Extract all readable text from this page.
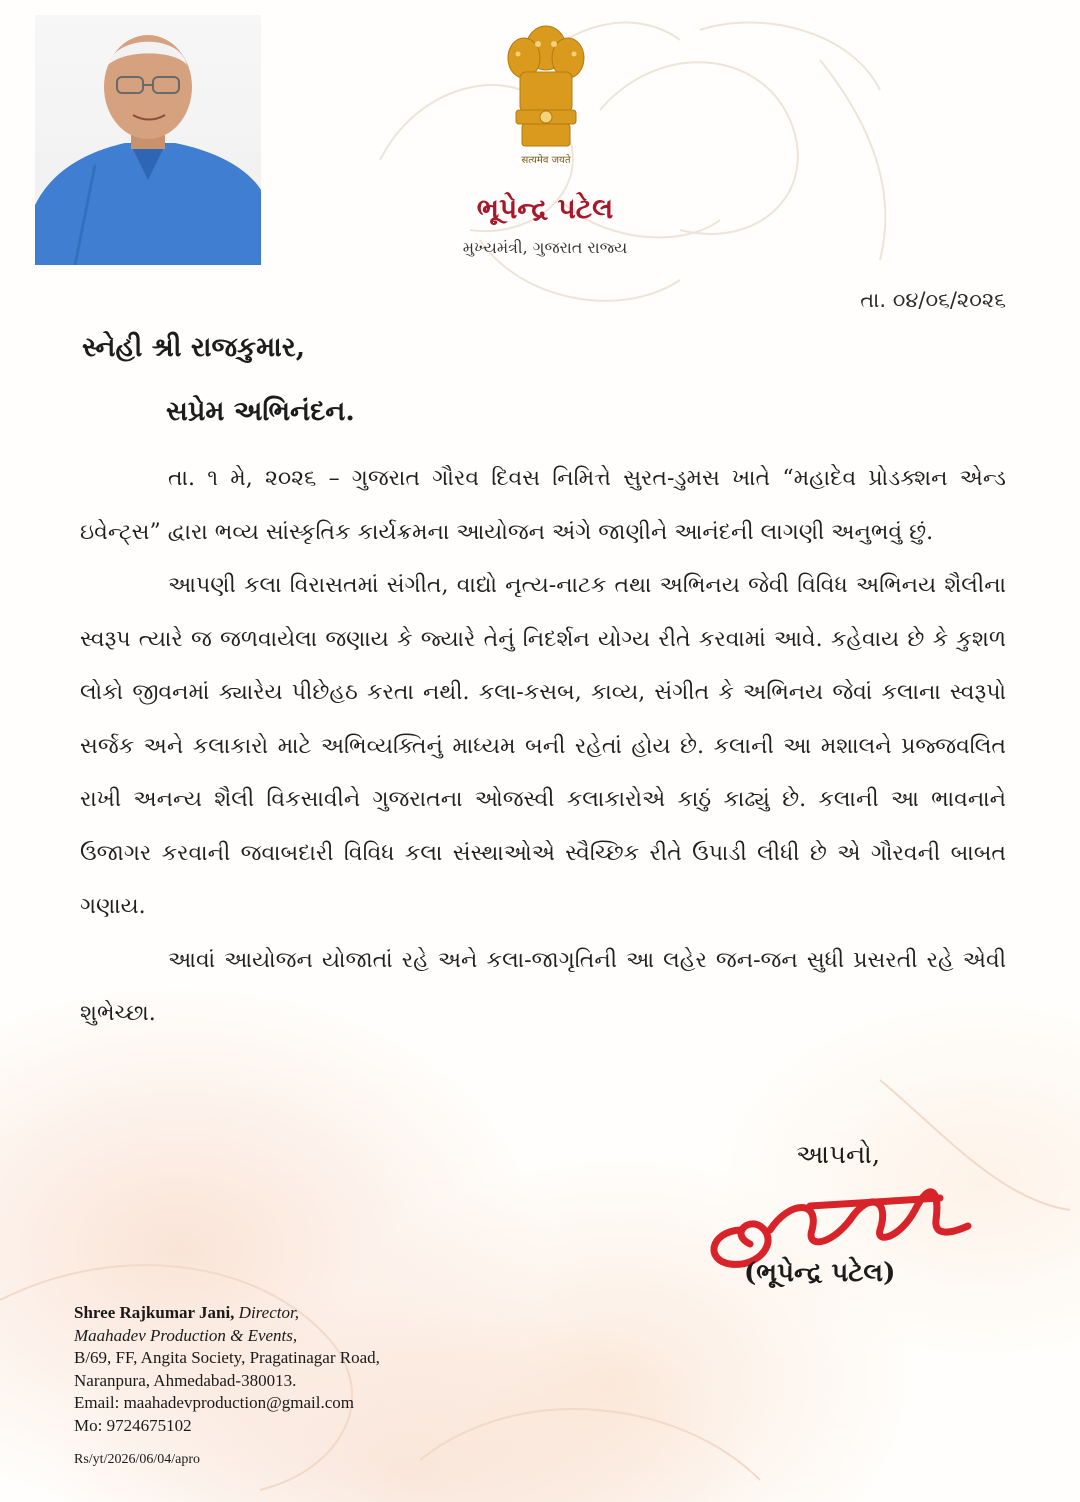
सत्यमेव जयते
ભૂપેન્દ્ર પટેલ
મુખ્યમંત્રી, ગુજરાત રાજ્ય
તા. ૦૪/૦૬/૨૦૨૬
સ્નેહી શ્રી રાજકુમાર,
સપ્રેમ અભિનંદન.

તા. ૧ મે, ૨૦૨૬ – ગુજરાત ગૌરવ દિવસ નિમિત્તે સુરત-ડુમસ ખાતે “મહાદેવ પ્રોડક્શન એન્ડ ઇવેન્ટ્સ” દ્વારા ભવ્ય સાંસ્કૃતિક કાર્યક્રમના આયોજન અંગે જાણીને આનંદની લાગણી અનુભવું છું.

આપણી કલા વિરાસતમાં સંગીત, વાદ્યો નૃત્ય-નાટક તથા અભિનય જેવી વિવિધ અભિનય શૈલીના સ્વરૂપ ત્યારે જ જળવાયેલા જણાય કે જ્યારે તેનું નિદર્શન યોગ્ય રીતે કરવામાં આવે. કહેવાય છે કે કુશળ લોકો જીવનમાં ક્યારેય પીછેહઠ કરતા નથી. કલા-કસબ, કાવ્ય, સંગીત કે અભિનય જેવાં કલાના સ્વરૂપો સર્જક અને કલાકારો માટે અભિવ્યક્તિનું માધ્યમ બની રહેતાં હોય છે. કલાની આ મશાલને પ્રજ્જવલિત રાખી અનન્ય શૈલી વિકસાવીને ગુજરાતના ઓજસ્વી કલાકારોએ કાઠું કાઢ્યું છે. કલાની આ ભાવનાને ઉજાગર કરવાની જવાબદારી વિવિધ કલા સંસ્થાઓએ સ્વૈચ્છિક રીતે ઉપાડી લીધી છે એ ગૌરવની બાબત ગણાય.

આવાં આયોજન યોજાતાં રહે અને કલા-જાગૃતિની આ લહેર જન-જન સુધી પ્રસરતી રહે એવી શુભેચ્છા.

આપનો,
(ભૂપેન્દ્ર પટેલ)
Shree Rajkumar Jani, Director,
Maahadev Production & Events,
B/69, FF, Angita Society, Pragatinagar Road,
Naranpura, Ahmedabad-380013.
Email: maahadevproduction@gmail.com
Mo: 9724675102
Rs/yt/2026/06/04/apro
